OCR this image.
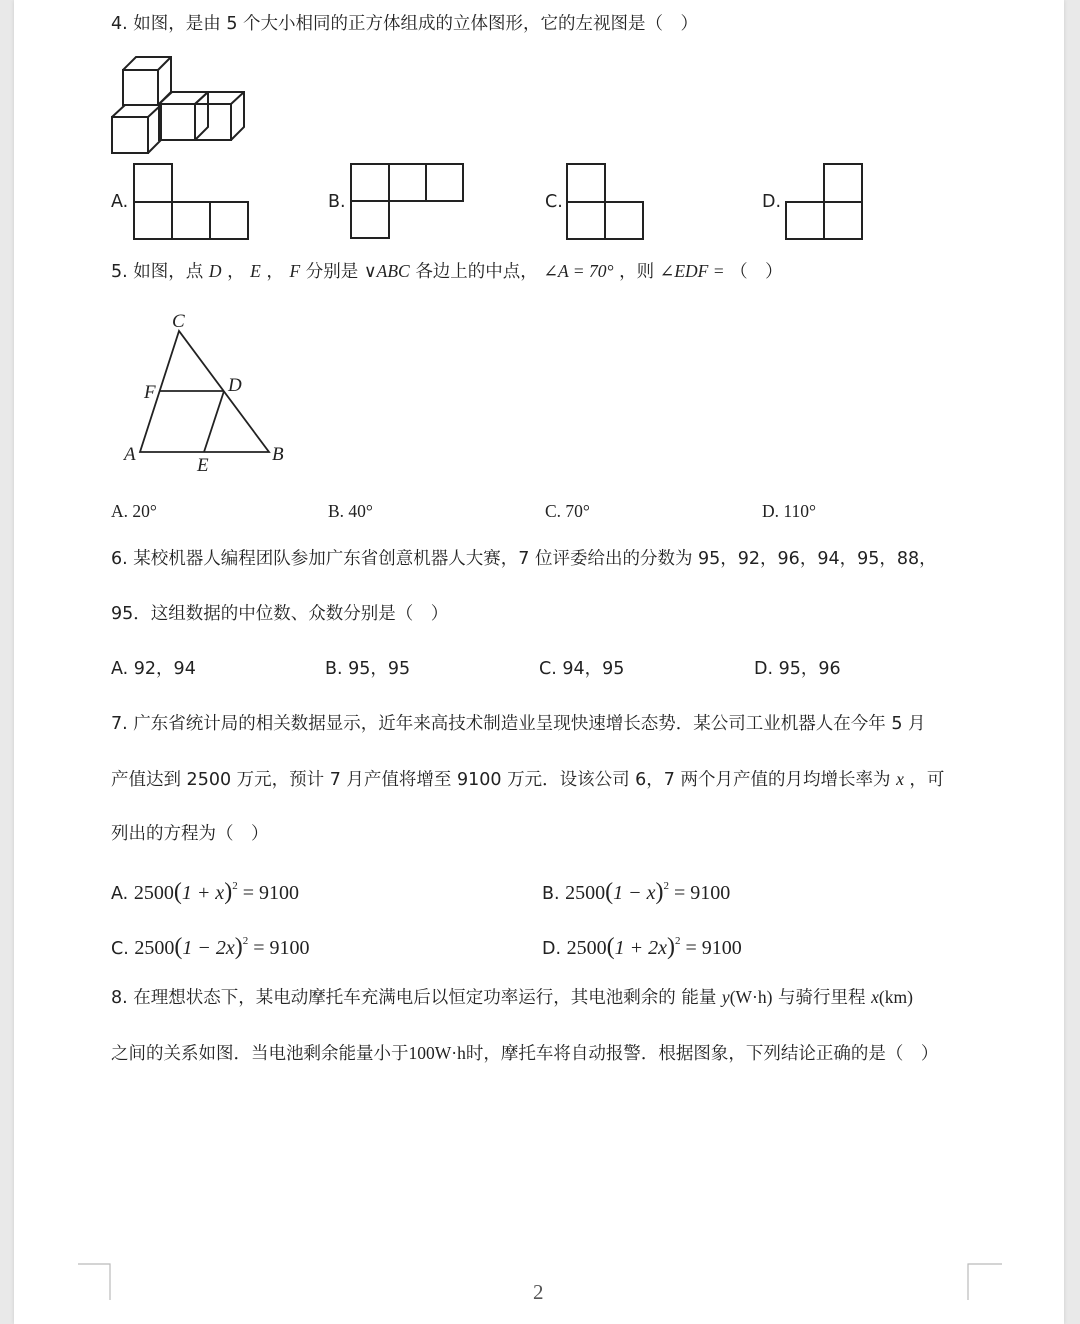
4. 如图，是由 5 个大小相同的正方体组成的立体图形，它的左视图是（　）
A.	B.	C.	D.
5. 如图，点 D ， E ， F 分别是 ∨ABC 各边上的中点， ∠A = 70° ，则 ∠EDF = （　）
C
F	D
A
E
B
A. 20°	B. 40°	C. 70°	D. 110°
6. 某校机器人编程团队参加广东省创意机器人大赛，7 位评委给出的分数为 95，92，96，94，95，88，
95．这组数据的中位数、众数分别是（　）
A. 92，94	B. 95，95	C. 94，95	D. 95，96
7. 广东省统计局的相关数据显示，近年来高技术制造业呈现快速增长态势．某公司工业机器人在今年 5 月
产值达到 2500 万元，预计 7 月产值将增至 9100 万元．设该公司 6，7 两个月产值的月均增长率为 x ，可
列出的方程为（　）
A. $2500(1 + x)^2 = 9100$	B. $2500(1 - x)^2 = 9100$
C. $2500(1 - 2x)^2 = 9100$	D. $2500(1 + 2x)^2 = 9100$
8. 在理想状态下，某电动摩托车充满电后以恒定功率运行，其电池剩余的 能量 y(W·h) 与骑行里程 x(km)
之间的关系如图．当电池剩余能量小于100W·h时，摩托车将自动报警．根据图象，下列结论正确的是（　）
2
